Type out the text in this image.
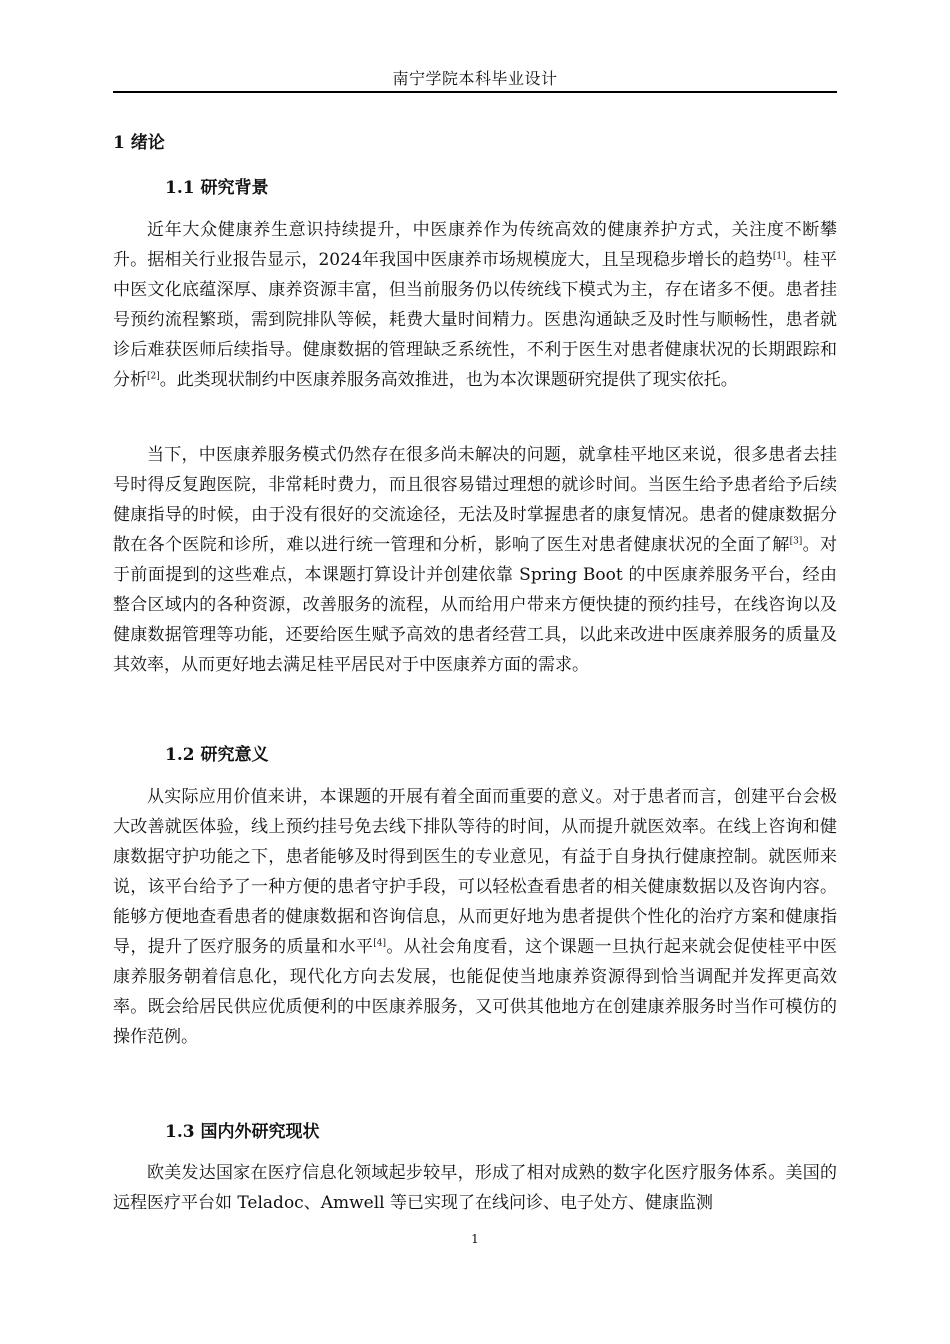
南宁学院本科毕业设计
1 绪论
1.1 研究背景
近年大众健康养生意识持续提升，中医康养作为传统高效的健康养护方式，关注度不断攀升。据相关行业报告显示，2024年我国中医康养市场规模庞大，且呈现稳步增长的趋势[1]。桂平中医文化底蕴深厚、康养资源丰富，但当前服务仍以传统线下模式为主，存在诸多不便。患者挂号预约流程繁琐，需到院排队等候，耗费大量时间精力。医患沟通缺乏及时性与顺畅性，患者就诊后难获医师后续指导。健康数据的管理缺乏系统性，不利于医生对患者健康状况的长期跟踪和分析[2]。此类现状制约中医康养服务高效推进，也为本次课题研究提供了现实依托。
当下，中医康养服务模式仍然存在很多尚未解决的问题，就拿桂平地区来说，很多患者去挂号时得反复跑医院，非常耗时费力，而且很容易错过理想的就诊时间。当医生给予患者给予后续健康指导的时候，由于没有很好的交流途径，无法及时掌握患者的康复情况。患者的健康数据分散在各个医院和诊所，难以进行统一管理和分析，影响了医生对患者健康状况的全面了解[3]。对于前面提到的这些难点，本课题打算设计并创建依靠 Spring Boot 的中医康养服务平台，经由整合区域内的各种资源，改善服务的流程，从而给用户带来方便快捷的预约挂号，在线咨询以及健康数据管理等功能，还要给医生赋予高效的患者经营工具，以此来改进中医康养服务的质量及其效率，从而更好地去满足桂平居民对于中医康养方面的需求。
1.2 研究意义
从实际应用价值来讲，本课题的开展有着全面而重要的意义。对于患者而言，创建平台会极大改善就医体验，线上预约挂号免去线下排队等待的时间，从而提升就医效率。在线上咨询和健康数据守护功能之下，患者能够及时得到医生的专业意见，有益于自身执行健康控制。就医师来说，该平台给予了一种方便的患者守护手段，可以轻松查看患者的相关健康数据以及咨询内容。能够方便地查看患者的健康数据和咨询信息，从而更好地为患者提供个性化的治疗方案和健康指导，提升了医疗服务的质量和水平[4]。从社会角度看，这个课题一旦执行起来就会促使桂平中医康养服务朝着信息化，现代化方向去发展，也能促使当地康养资源得到恰当调配并发挥更高效率。既会给居民供应优质便利的中医康养服务，又可供其他地方在创建康养服务时当作可模仿的操作范例。
1.3 国内外研究现状
欧美发达国家在医疗信息化领域起步较早，形成了相对成熟的数字化医疗服务体系。美国的远程医疗平台如 Teladoc、Amwell 等已实现了在线问诊、电子处方、健康监测
1
